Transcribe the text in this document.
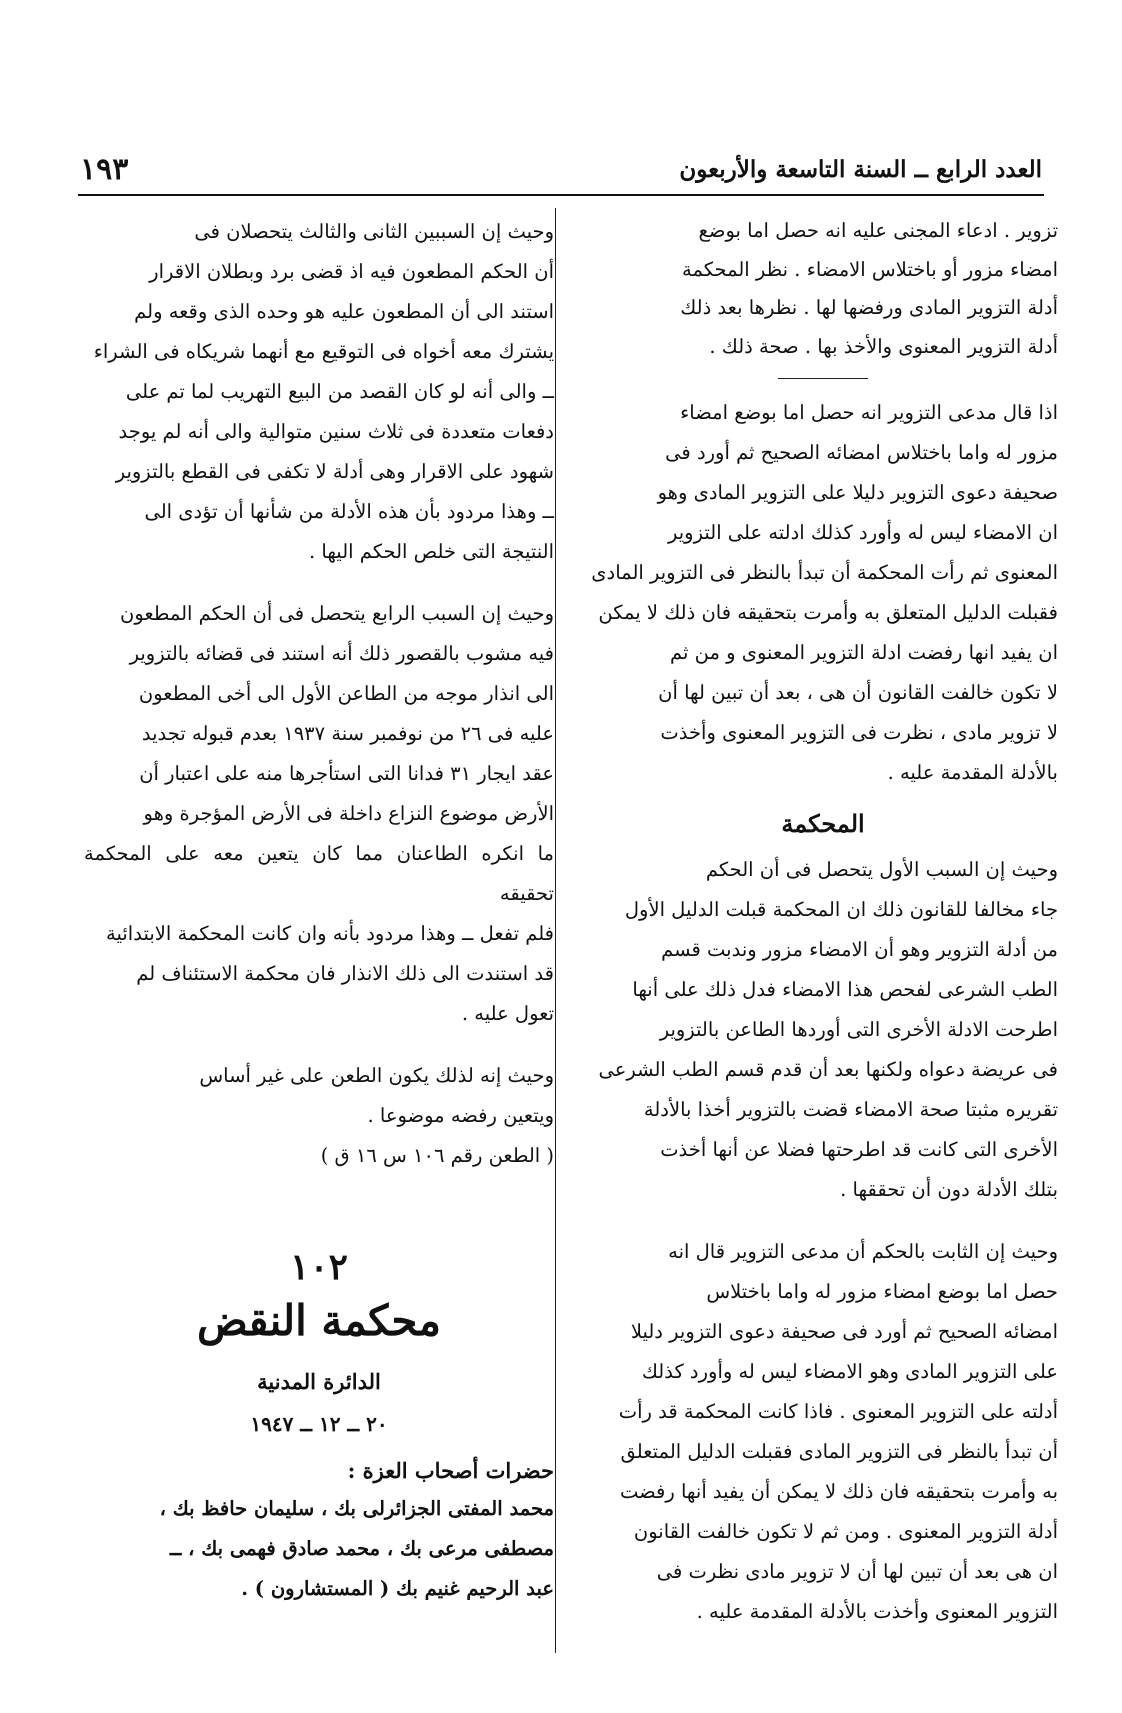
العدد الرابع ــ السنة التاسعة والأربعون
١٩٣

تزوير . ادعاء المجنى عليه انه حصل اما بوضع
امضاء مزور أو باختلاس الامضاء . نظر المحكمة
أدلة التزوير المادى ورفضها لها . نظرها بعد ذلك
أدلة التزوير المعنوى والأخذ بها . صحة ذلك .

اذا قال مدعى التزوير انه حصل اما بوضع امضاء
مزور له واما باختلاس امضائه الصحيح ثم أورد فى
صحيفة دعوى التزوير دليلا على التزوير المادى وهو
ان الامضاء ليس له وأورد كذلك ادلته على التزوير
المعنوى ثم رأت المحكمة أن تبدأ بالنظر فى التزوير المادى
فقبلت الدليل المتعلق به وأمرت بتحقيقه فان ذلك لا يمكن
ان يفيد انها رفضت ادلة التزوير المعنوى و من ثم
لا تكون خالفت القانون أن هى ، بعد أن تبين لها أن
لا تزوير مادى ، نظرت فى التزوير المعنوى وأخذت
بالأدلة المقدمة عليه .

المحكمة

وحيث إن السبب الأول يتحصل فى أن الحكم
جاء مخالفا للقانون ذلك ان المحكمة قبلت الدليل الأول
من أدلة التزوير وهو أن الامضاء مزور وندبت قسم
الطب الشرعى لفحص هذا الامضاء فدل ذلك على أنها
اطرحت الادلة الأخرى التى أوردها الطاعن بالتزوير
فى عريضة دعواه ولكنها بعد أن قدم قسم الطب الشرعى
تقريره مثبتا صحة الامضاء قضت بالتزوير أخذا بالأدلة
الأخرى التى كانت قد اطرحتها فضلا عن أنها أخذت
بتلك الأدلة دون أن تحققها .

وحيث إن الثابت بالحكم أن مدعى التزوير قال انه
حصل اما بوضع امضاء مزور له واما باختلاس
امضائه الصحيح ثم أورد فى صحيفة دعوى التزوير دليلا
على التزوير المادى وهو الامضاء ليس له وأورد كذلك
أدلته على التزوير المعنوى . فاذا كانت المحكمة قد رأت
أن تبدأ بالنظر فى التزوير المادى فقبلت الدليل المتعلق
به وأمرت بتحقيقه فان ذلك لا يمكن أن يفيد أنها رفضت
أدلة التزوير المعنوى . ومن ثم لا تكون خالفت القانون
ان هى بعد أن تبين لها أن لا تزوير مادى نظرت فى
التزوير المعنوى وأخذت بالأدلة المقدمة عليه .

وحيث إن السببين الثانى والثالث يتحصلان فى
أن الحكم المطعون فيه اذ قضى برد وبطلان الاقرار
استند الى أن المطعون عليه هو وحده الذى وقعه ولم
يشترك معه أخواه فى التوقيع مع أنهما شريكاه فى الشراء
ــ والى أنه لو كان القصد من البيع التهريب لما تم على
دفعات متعددة فى ثلاث سنين متوالية والى أنه لم يوجد
شهود على الاقرار وهى أدلة لا تكفى فى القطع بالتزوير
ــ وهذا مردود بأن هذه الأدلة من شأنها أن تؤدى الى
النتيجة التى خلص الحكم اليها .

وحيث إن السبب الرابع يتحصل فى أن الحكم المطعون
فيه مشوب بالقصور ذلك أنه استند فى قضائه بالتزوير
الى انذار موجه من الطاعن الأول الى أخى المطعون
عليه فى ٢٦ من نوفمبر سنة ١٩٣٧ بعدم قبوله تجديد
عقد ايجار ٣١ فدانا التى استأجرها منه على اعتبار أن
الأرض موضوع النزاع داخلة فى الأرض المؤجرة وهو
ما انكره الطاعنان مما كان يتعين معه على المحكمة تحقيقه
فلم تفعل ــ وهذا مردود بأنه وان كانت المحكمة الابتدائية
قد استندت الى ذلك الانذار فان محكمة الاستئناف لم
تعول عليه .

وحيث إنه لذلك يكون الطعن على غير أساس
ويتعين رفضه موضوعا .

( الطعن رقم ١٠٦ س ١٦ ق )

١٠٢
محكمة النقض
الدائرة المدنية
٢٠ ــ ١٢ ــ ١٩٤٧
حضرات أصحاب العزة :

محمد المفتى الجزائرلى بك ، سليمان حافظ بك ،
مصطفى مرعى بك ، محمد صادق فهمى بك ، ــ
عبد الرحيم غنيم بك ( المستشارون ) .
